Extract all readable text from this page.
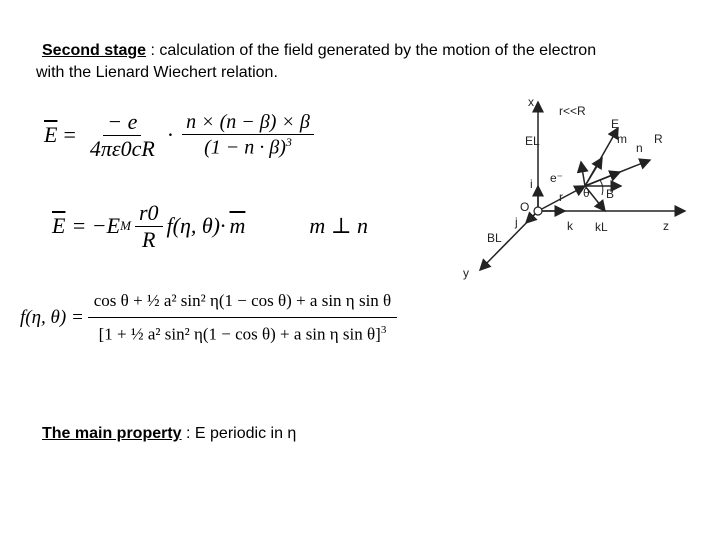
Second stage : calculation of the field generated by the motion of the electron
with the Lienard Wiechert relation.
$\overline{E} = \frac{- e}{4\pi\varepsilon 0cR} \cdot \frac{n \times (n - \beta) \times \beta}{(1 - n \cdot \beta)^3}$
$\overline{E} = -E$ M $\frac{r0}{R} f(\eta$, $\theta)\cdot \overline{m}$	m ⊥ n
f(η, $\theta) = \frac{\text{cos θ + ½ a² sin² η(1 − cos θ) + a sin η sin θ}}{[1 + \frac{1}{2} a^2 \sin^2 \eta(1 - \cos \theta) + a \sin \eta \sin \theta]^3}$
The main property : E periodic in η
x
r<<R
E
m R
n
EL
e⁻
i
r θ B
O
j	k kL	z
BL
y
